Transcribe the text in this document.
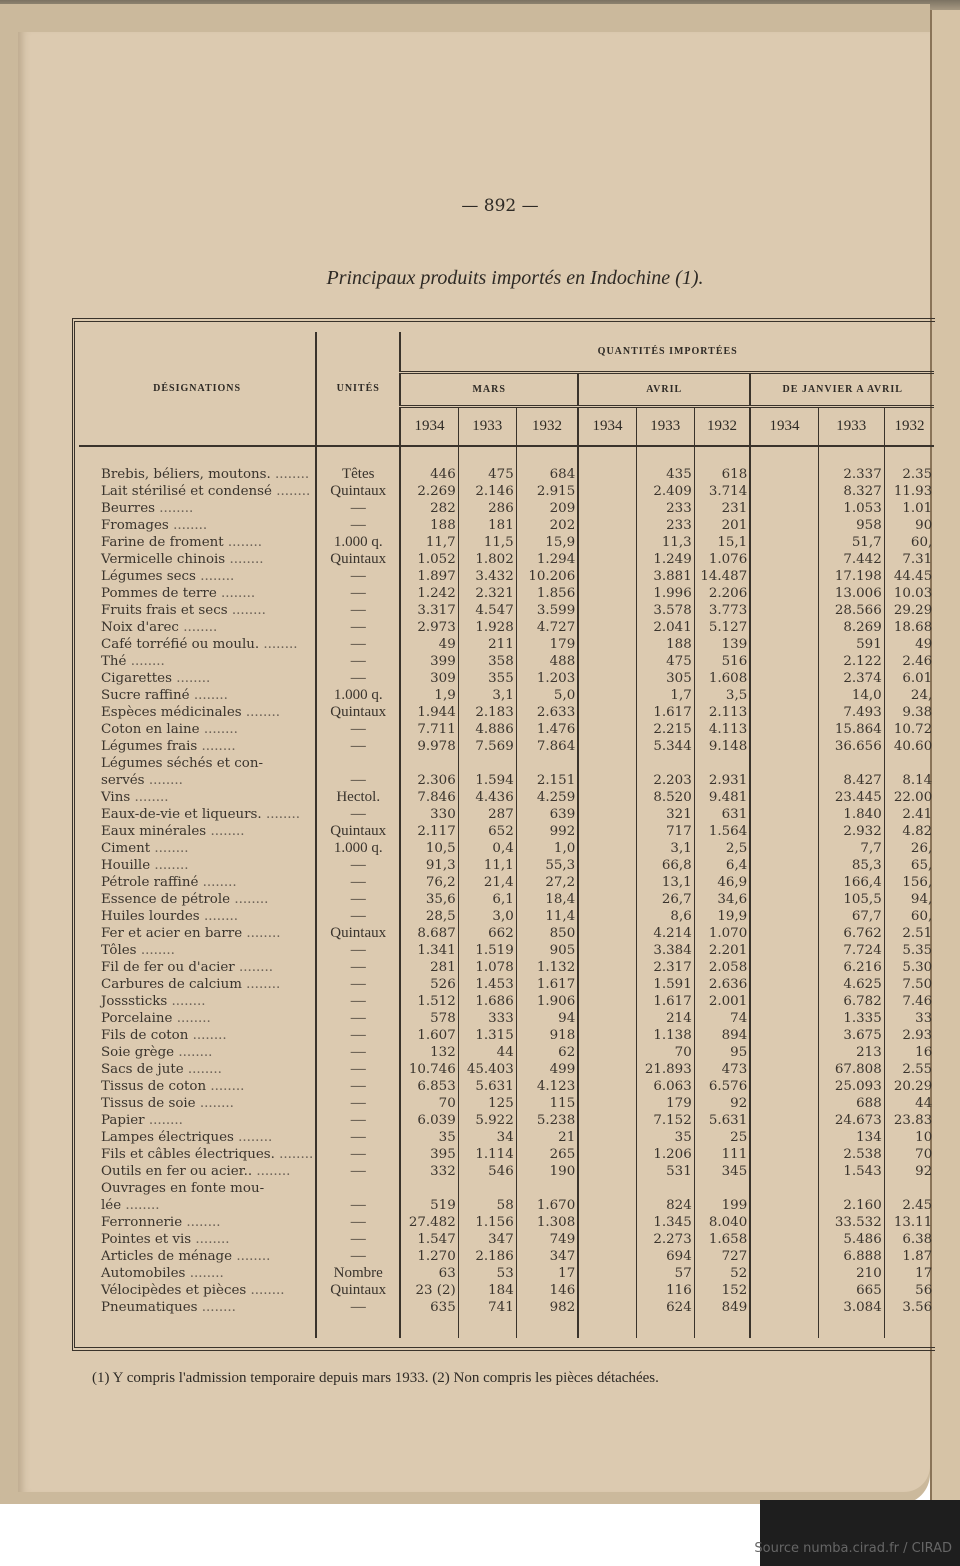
— 892 —
Principaux produits importés en Indochine (1).
DÉSIGNATIONS	UNITÉS	QUANTITÉS IMPORTÉES								
		MARS			AVRIL			DE JANVIER A AVRIL		
		1934	1933	1932	1934	1933	1932	1934	1933	1932

Brebis, béliers, moutons. ........	Têtes	446	475	684		435	618		2.337	2.35
Lait stérilisé et condensé ........	Quintaux	2.269	2.146	2.915		2.409	3.714		8.327	11.93
Beurres ........	—	282	286	209		233	231		1.053	1.01
Fromages ........	—	188	181	202		233	201		958	90
Farine de froment ........	1.000 q.	11,7	11,5	15,9		11,3	15,1		51,7	60,
Vermicelle chinois ........	Quintaux	1.052	1.802	1.294		1.249	1.076		7.442	7.31
Légumes secs ........	—	1.897	3.432	10.206		3.881	14.487		17.198	44.45
Pommes de terre ........	—	1.242	2.321	1.856		1.996	2.206		13.006	10.03
Fruits frais et secs ........	—	3.317	4.547	3.599		3.578	3.773		28.566	29.29
Noix d'arec ........	—	2.973	1.928	4.727		2.041	5.127		8.269	18.68
Café torréfié ou moulu. ........	—	49	211	179		188	139		591	49
Thé ........	—	399	358	488		475	516		2.122	2.46
Cigarettes ........	—	309	355	1.203		305	1.608		2.374	6.01
Sucre raffiné ........	1.000 q.	1,9	3,1	5,0		1,7	3,5		14,0	24,
Espèces médicinales ........	Quintaux	1.944	2.183	2.633		1.617	2.113		7.493	9.38
Coton en laine ........	—	7.711	4.886	1.476		2.215	4.113		15.864	10.72
Légumes frais ........	—	9.978	7.569	7.864		5.344	9.148		36.656	40.60
Légumes séchés et con-										
servés ........	—	2.306	1.594	2.151		2.203	2.931		8.427	8.14
Vins ........	Hectol.	7.846	4.436	4.259		8.520	9.481		23.445	22.00
Eaux-de-vie et liqueurs. ........	—	330	287	639		321	631		1.840	2.41
Eaux minérales ........	Quintaux	2.117	652	992		717	1.564		2.932	4.82
Ciment ........	1.000 q.	10,5	0,4	1,0		3,1	2,5		7,7	26,
Houille ........	—	91,3	11,1	55,3		66,8	6,4		85,3	65,
Pétrole raffiné ........	—	76,2	21,4	27,2		13,1	46,9		166,4	156,
Essence de pétrole ........	—	35,6	6,1	18,4		26,7	34,6		105,5	94,
Huiles lourdes ........	—	28,5	3,0	11,4		8,6	19,9		67,7	60,
Fer et acier en barre ........	Quintaux	8.687	662	850		4.214	1.070		6.762	2.51
Tôles ........	—	1.341	1.519	905		3.384	2.201		7.724	5.35
Fil de fer ou d'acier ........	—	281	1.078	1.132		2.317	2.058		6.216	5.30
Carbures de calcium ........	—	526	1.453	1.617		1.591	2.636		4.625	7.50
Josssticks ........	—	1.512	1.686	1.906		1.617	2.001		6.782	7.46
Porcelaine ........	—	578	333	94		214	74		1.335	33
Fils de coton ........	—	1.607	1.315	918		1.138	894		3.675	2.93
Soie grège ........	—	132	44	62		70	95		213	16
Sacs de jute ........	—	10.746	45.403	499		21.893	473		67.808	2.55
Tissus de coton ........	—	6.853	5.631	4.123		6.063	6.576		25.093	20.29
Tissus de soie ........	—	70	125	115		179	92		688	44
Papier ........	—	6.039	5.922	5.238		7.152	5.631		24.673	23.83
Lampes électriques ........	—	35	34	21		35	25		134	10
Fils et câbles électriques. ........	—	395	1.114	265		1.206	111		2.538	70
Outils en fer ou acier.. ........	—	332	546	190		531	345		1.543	92
Ouvrages en fonte mou-										
lée ........	—	519	58	1.670		824	199		2.160	2.45
Ferronnerie ........	—	27.482	1.156	1.308		1.345	8.040		33.532	13.11
Pointes et vis ........	—	1.547	347	749		2.273	1.658		5.486	6.38
Articles de ménage ........	—	1.270	2.186	347		694	727		6.888	1.87
Automobiles ........	Nombre	63	53	17		57	52		210	17
Vélocipèdes et pièces ........	Quintaux	23 (2)	184	146		116	152		665	56
Pneumatiques ........	—	635	741	982		624	849		3.084	3.56

(1) Y compris l'admission temporaire depuis mars 1933. (2) Non compris les pièces détachées.
Source numba.cirad.fr / CIRAD
